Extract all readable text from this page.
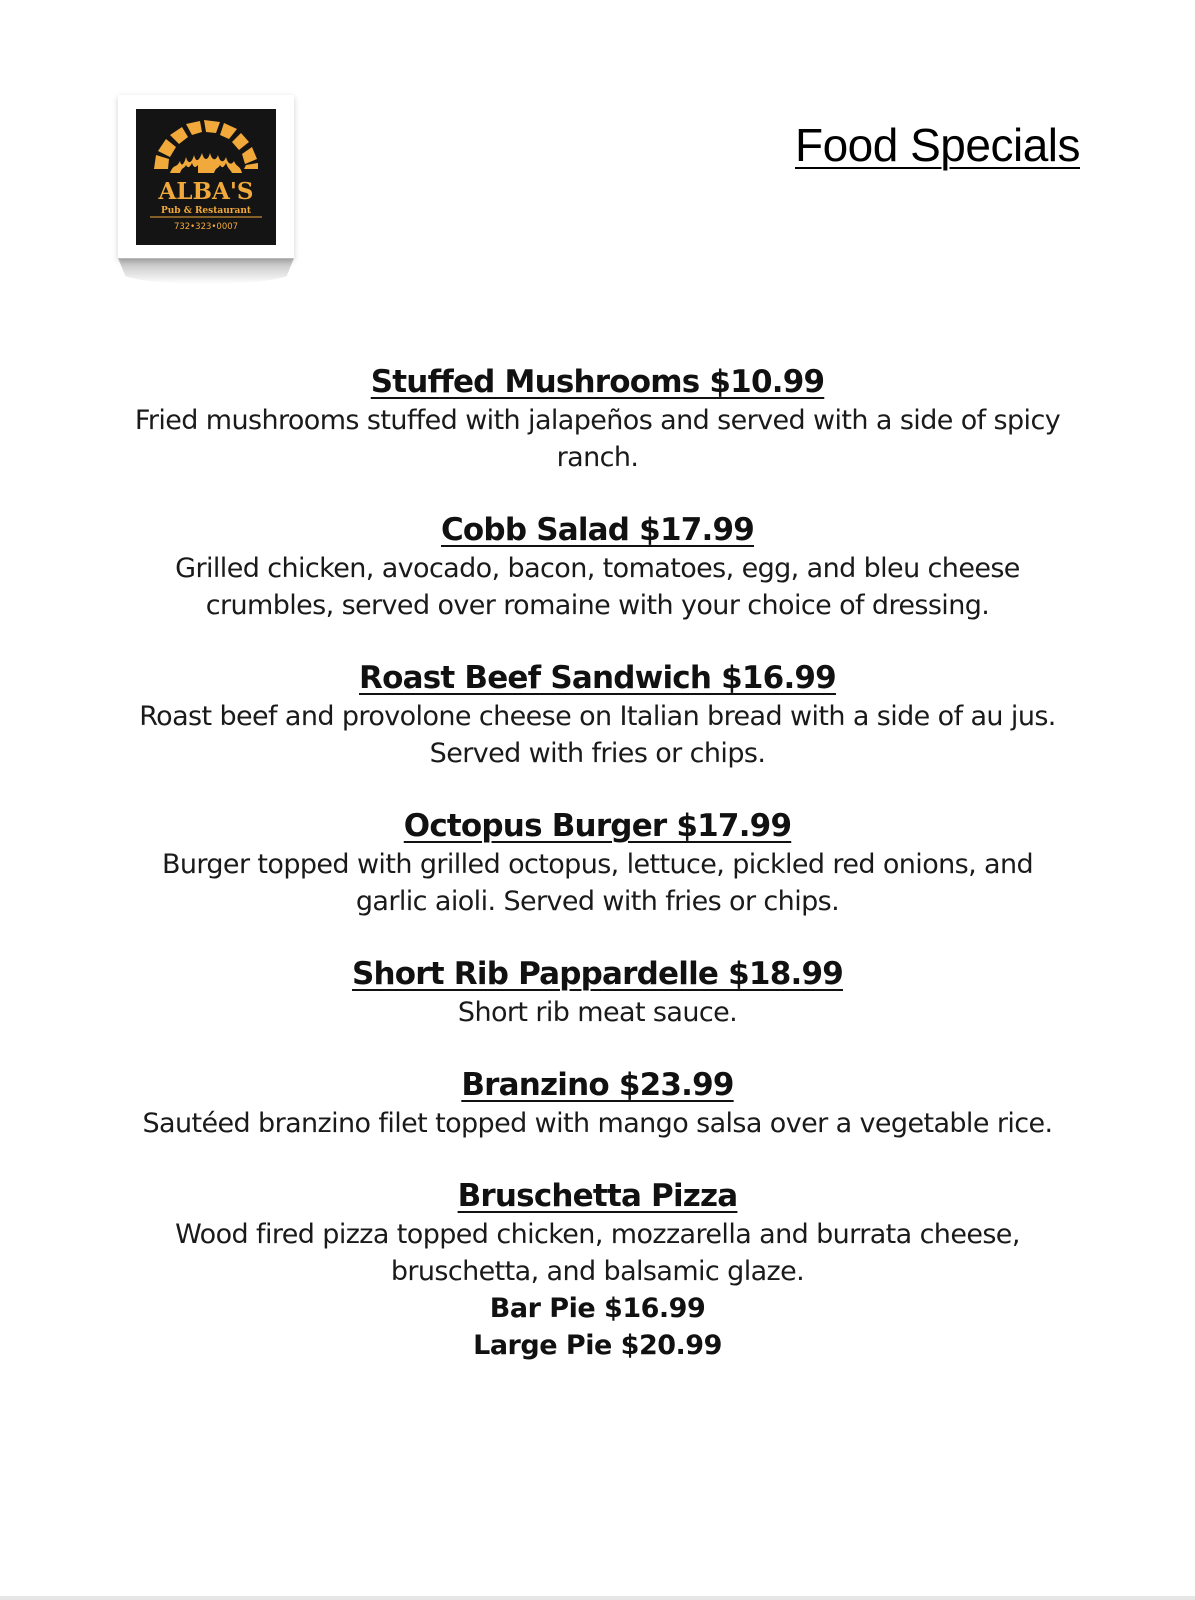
ALBA'S
Pub & Restaurant
732•323•0007
Food Specials
Stuffed Mushrooms $10.99
Fried mushrooms stuffed with jalapeños and served with a side of spicy ranch.
Cobb Salad $17.99
Grilled chicken, avocado, bacon, tomatoes, egg, and bleu cheese crumbles, served over romaine with your choice of dressing.
Roast Beef Sandwich $16.99
Roast beef and provolone cheese on Italian bread with a side of au jus. Served with fries or chips.
Octopus Burger $17.99
Burger topped with grilled octopus, lettuce, pickled red onions, and garlic aioli. Served with fries or chips.
Short Rib Pappardelle $18.99
Short rib meat sauce.
Branzino $23.99
Sautéed branzino filet topped with mango salsa over a vegetable rice.
Bruschetta Pizza
Wood fired pizza topped chicken, mozzarella and burrata cheese, bruschetta, and balsamic glaze.
Bar Pie $16.99
Large Pie $20.99
